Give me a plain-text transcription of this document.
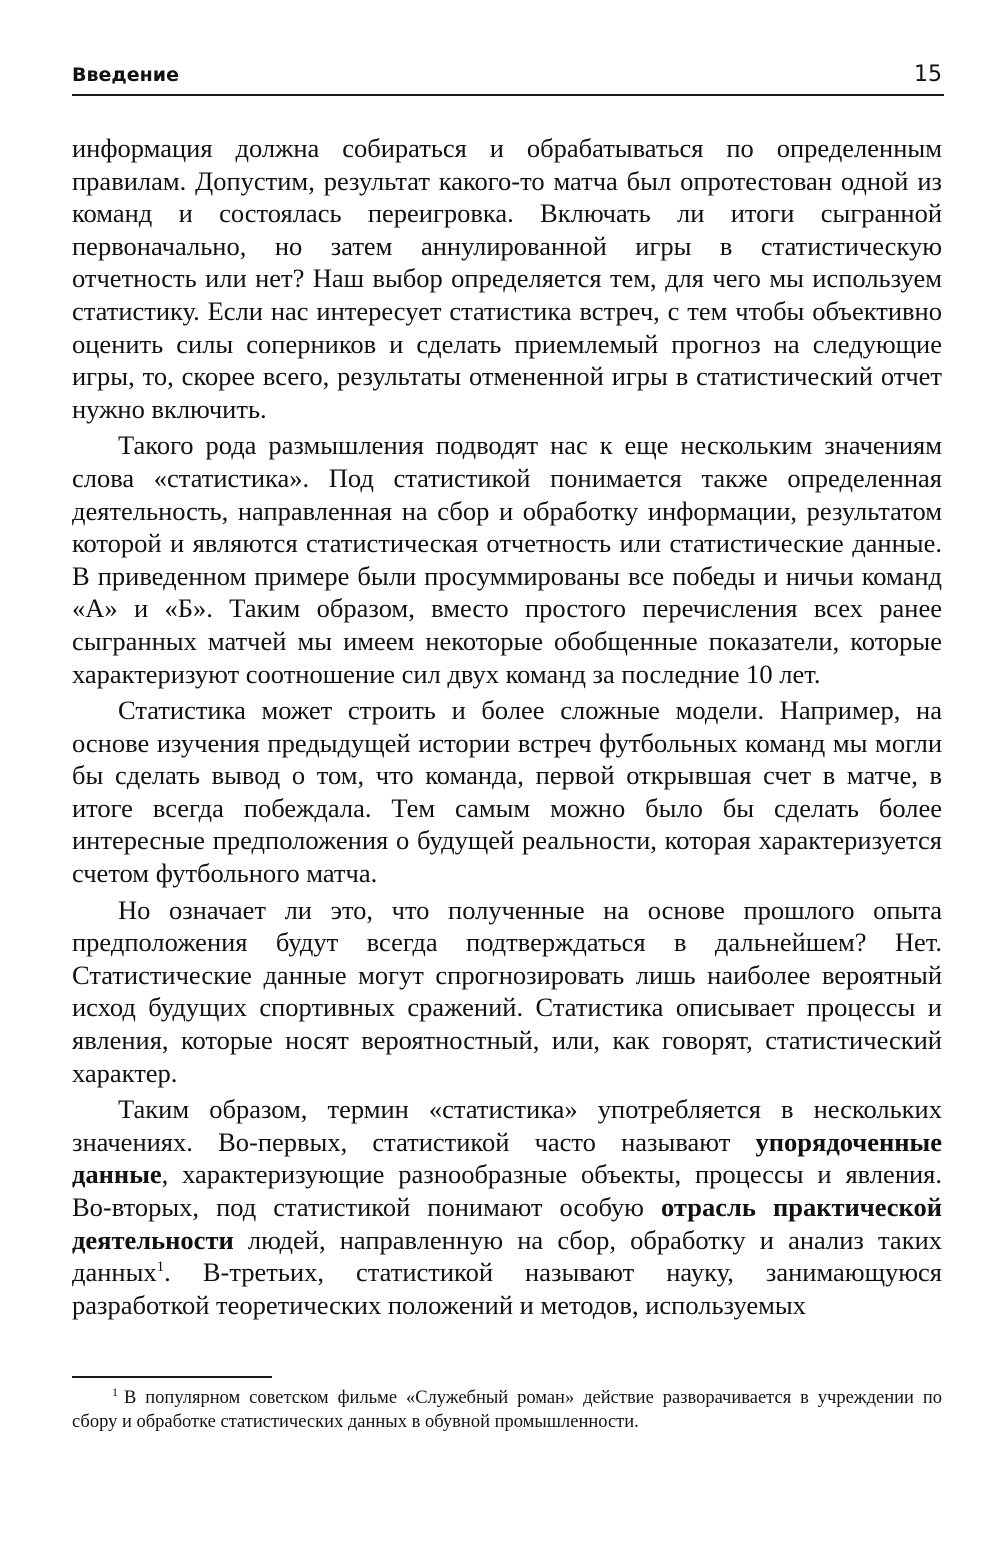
Введение	15

информация должна собираться и обрабатываться по определенным правилам. Допустим, результат какого-то матча был опротестован одной из команд и состоялась переигровка. Включать ли итоги сыгранной первоначально, но затем аннулированной игры в статистическую отчетность или нет? Наш выбор определяется тем, для чего мы используем статистику. Если нас интересует статистика встреч, с тем чтобы объективно оценить силы соперников и сделать приемлемый прогноз на следующие игры, то, скорее всего, результаты отмененной игры в статистический отчет нужно включить.

Такого рода размышления подводят нас к еще нескольким значениям слова «статистика». Под статистикой понимается также определенная деятельность, направленная на сбор и обработку информации, результатом которой и являются статистическая отчетность или статистические данные. В приведенном примере были просуммированы все победы и ничьи команд «А» и «Б». Таким образом, вместо простого перечисления всех ранее сыгранных матчей мы имеем некоторые обобщенные показатели, которые характеризуют соотношение сил двух команд за последние 10 лет.

Статистика может строить и более сложные модели. Например, на основе изучения предыдущей истории встреч футбольных команд мы могли бы сделать вывод о том, что команда, первой открывшая счет в матче, в итоге всегда побеждала. Тем самым можно было бы сделать более интересные предположения о будущей реальности, которая характеризуется счетом футбольного матча.

Но означает ли это, что полученные на основе прошлого опыта предположения будут всегда подтверждаться в дальнейшем? Нет. Статистические данные могут спрогнозировать лишь наиболее вероятный исход будущих спортивных сражений. Статистика описывает процессы и явления, которые носят вероятностный, или, как говорят, статистический характер.

Таким образом, термин «статистика» употребляется в нескольких значениях. Во-первых, статистикой часто называют упорядоченные данные, характеризующие разнообразные объекты, процессы и явления. Во-вторых, под статистикой понимают особую отрасль практической деятельности людей, направленную на сбор, обработку и анализ таких данных$^1$. В-третьих, статистикой называют науку, занимающуюся разработкой теоретических положений и методов, используемых

$^1$ В популярном советском фильме «Служебный роман» действие разворачивается в учреждении по сбору и обработке статистических данных в обувной промышленности.
